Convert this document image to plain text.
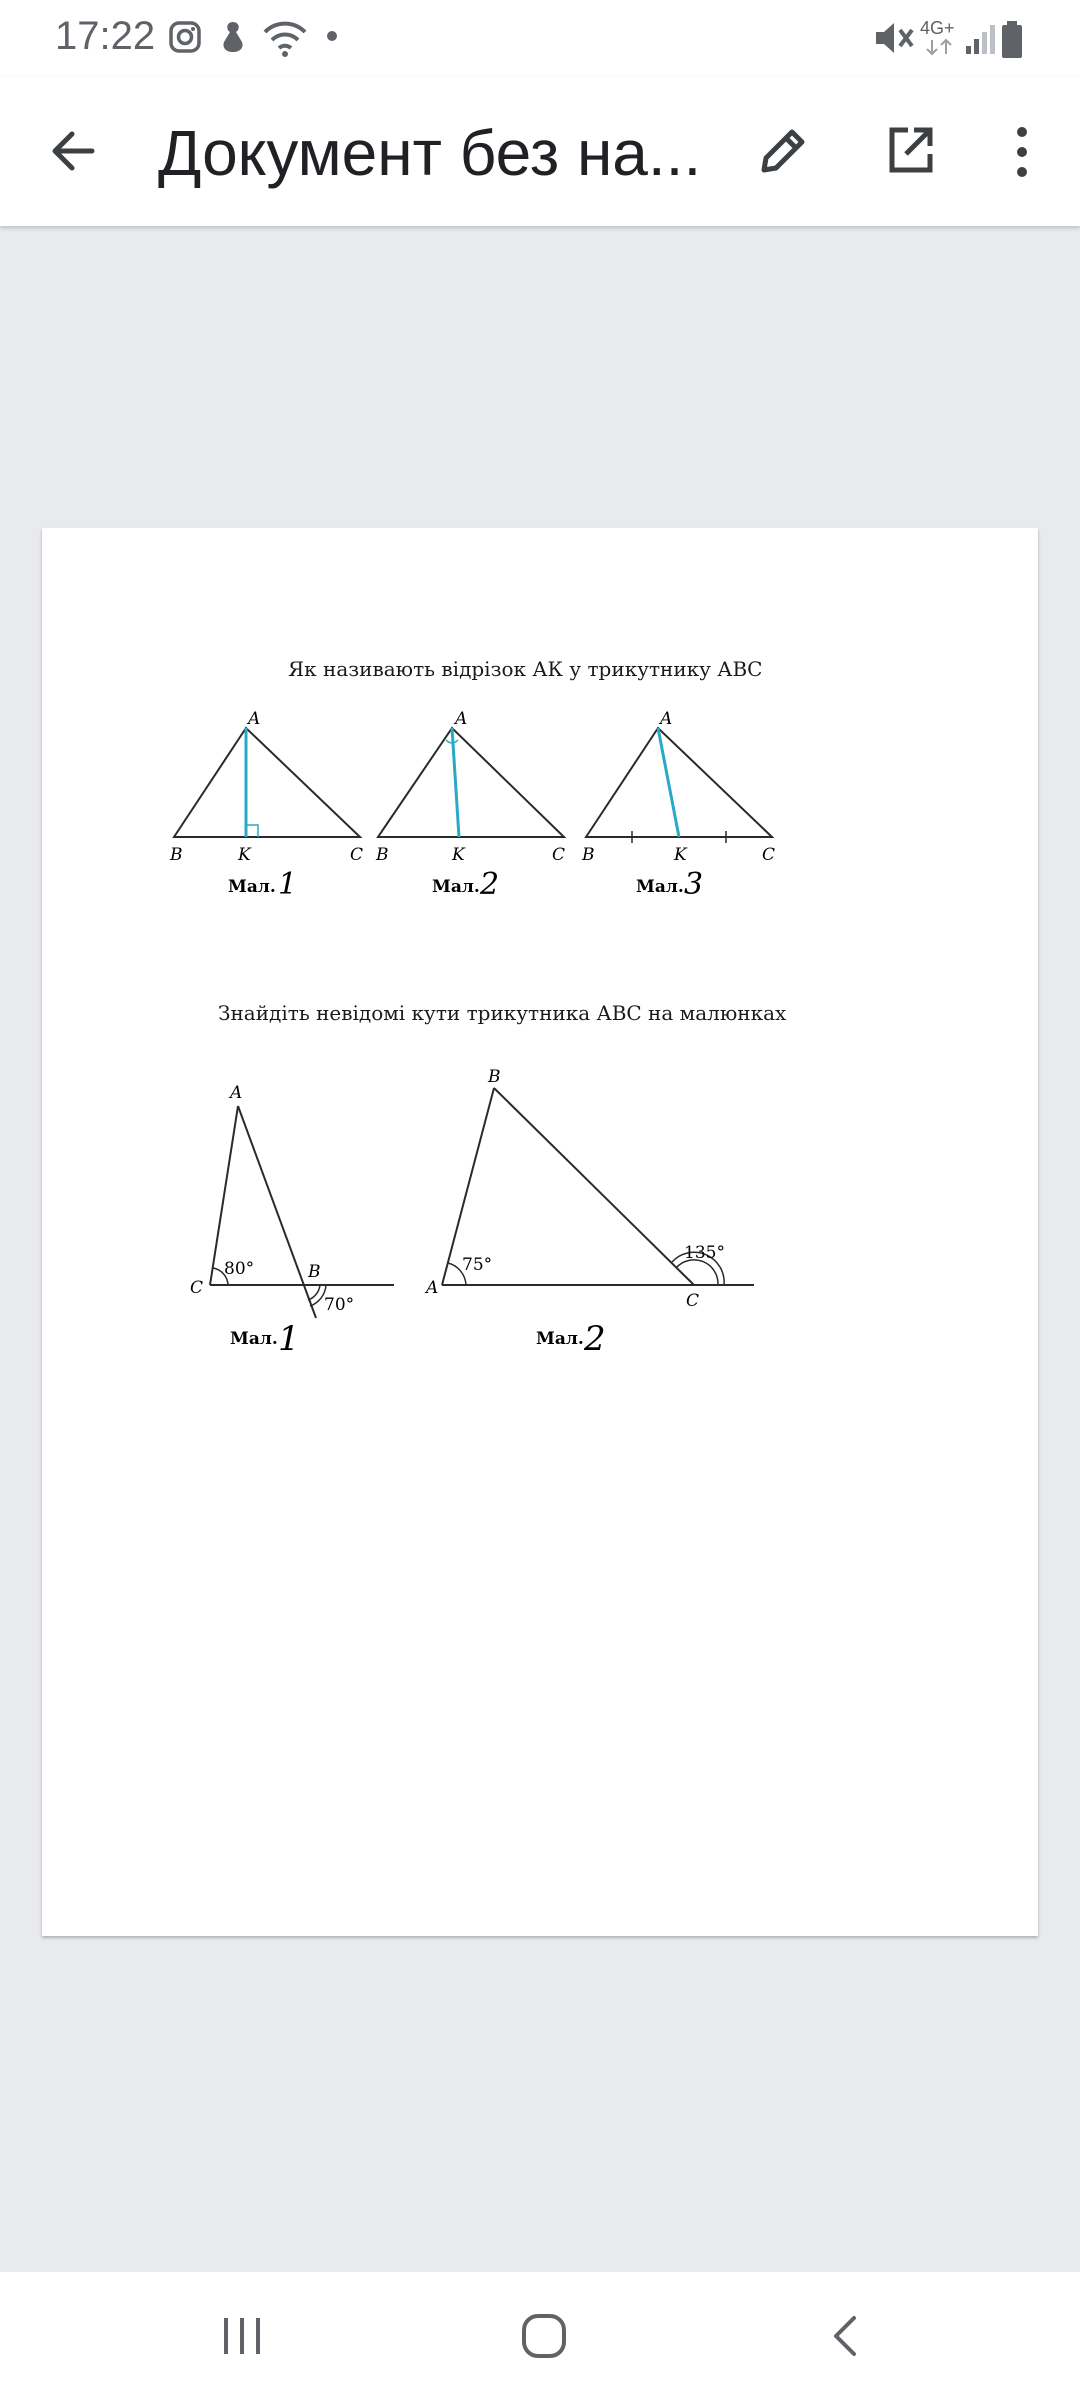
17:22	4G+
Документ без на...
Як називають відрізок АК у трикутнику АВС
A
B	K	C
Мал. 1
A
B	K	C
Мал. 2
A
B	K	C
Мал. 3
Знайдіть невідомі кути трикутника АВС на малюнках
A
B
C
80°
70°
Мал. 1
B
A
C
75°
135°
Мал. 2
